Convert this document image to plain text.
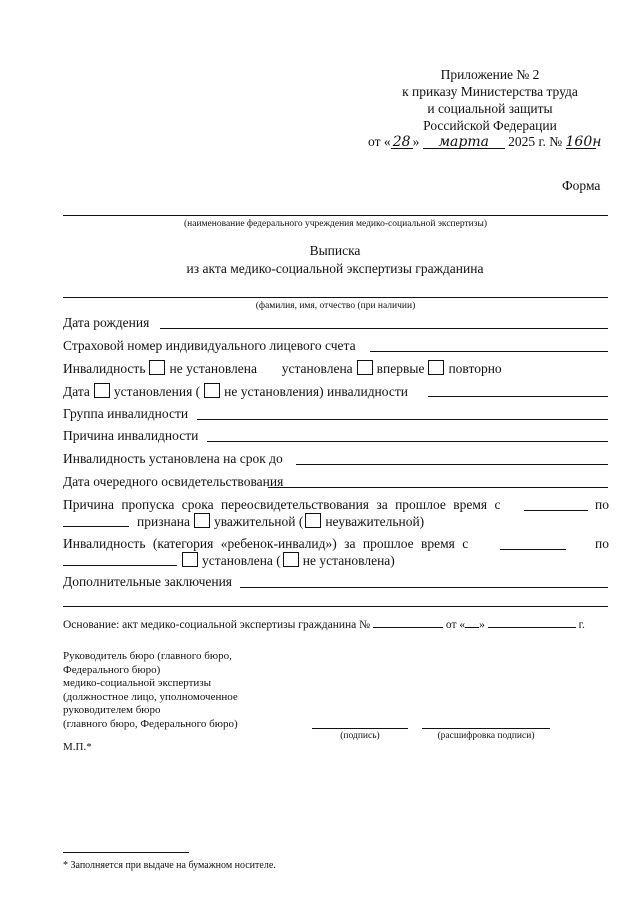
Приложение № 2
к приказу Министерства труда
и социальной защиты
Российской Федерации
от « 28 » марта 2025 г. № 160н
Форма
(наименование федерального учреждения медико-социальной экспертизы)
Выписка
из акта медико-социальной экспертизы гражданина
(фамилия, имя, отчество (при наличии)
Дата рождения
Страховой номер индивидуального лицевого счета
Инвалидность не установлена установлена впервые повторно
Дата установления ( не установления) инвалидности
Группа инвалидности
Причина инвалидности
Инвалидность установлена на срок до
Дата очередного освидетельствования
Причина пропуска срока переосвидетельствования за прошлое время с	по
признана уважительной ( неуважительной)
Инвалидность (категория «ребенок-инвалид») за прошлое время с	по
установлена ( не установлена)
Дополнительные заключения
Основание: акт медико-социальной экспертизы гражданина №	от « »	г.
Руководитель бюро (главного бюро,
Федерального бюро)
медико-социальной экспертизы
(должностное лицо, уполномоченное
руководителем бюро
(главного бюро, Федерального бюро)
(подпись)	(расшифровка подписи)
М.П.*
* Заполняется при выдаче на бумажном носителе.
